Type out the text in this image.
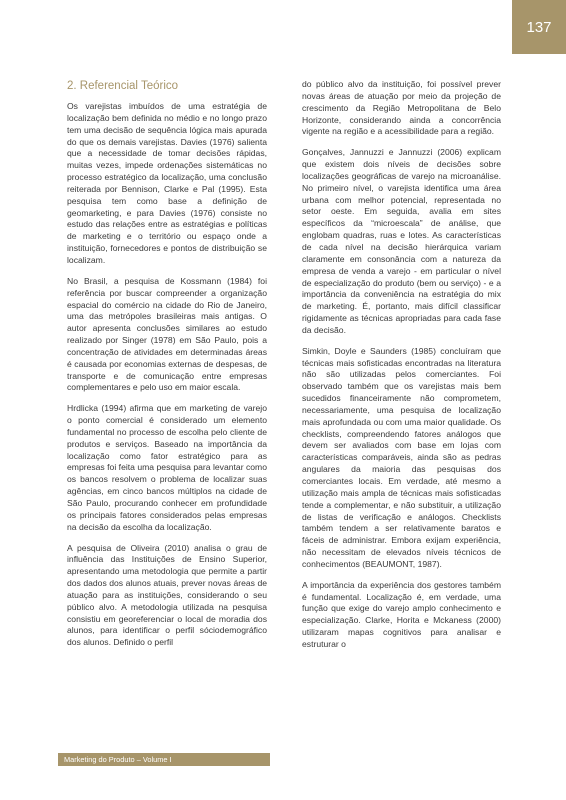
137
2. Referencial Teórico

Os varejistas imbuídos de uma estratégia de localização bem definida no médio e no longo prazo tem uma decisão de sequência lógica mais apurada do que os demais varejistas. Davies (1976) salienta que a necessidade de tomar decisões rápidas, muitas vezes, impede ordenações sistemáticas no processo estratégico da localização, uma conclusão reiterada por Bennison, Clarke e Pal (1995). Esta pesquisa tem como base a definição de geomarketing, e para Davies (1976) consiste no estudo das relações entre as estratégias e políticas de marketing e o território ou espaço onde a instituição, fornecedores e pontos de distribuição se localizam.

No Brasil, a pesquisa de Kossmann (1984) foi referência por buscar compreender a organização espacial do comércio na cidade do Rio de Janeiro, uma das metrópoles brasileiras mais antigas. O autor apresenta conclusões similares ao estudo realizado por Singer (1978) em São Paulo, pois a concentração de atividades em determinadas áreas é causada por economias externas de despesas, de transporte e de comunicação entre empresas complementares e pelo uso em maior escala.

Hrdlicka (1994) afirma que em marketing de varejo o ponto comercial é considerado um elemento fundamental no processo de escolha pelo cliente de produtos e serviços. Baseado na importância da localização como fator estratégico para as empresas foi feita uma pesquisa para levantar como os bancos resolvem o problema de localizar suas agências, em cinco bancos múltiplos na cidade de São Paulo, procurando conhecer em profundidade os principais fatores considerados pelas empresas na decisão da escolha da localização.

A pesquisa de Oliveira (2010) analisa o grau de influência das Instituições de Ensino Superior, apresentando uma metodologia que permite a partir dos dados dos alunos atuais, prever novas áreas de atuação para as instituições, considerando o seu público alvo. A metodologia utilizada na pesquisa consistiu em georeferenciar o local de moradia dos alunos, para identificar o perfil sóciodemográfico dos alunos. Definido o perfil

do público alvo da instituição, foi possível prever novas áreas de atuação por meio da projeção de crescimento da Região Metropolitana de Belo Horizonte, considerando ainda a concorrência vigente na região e a acessibilidade para a região.

Gonçalves, Jannuzzi e Jannuzzi (2006) explicam que existem dois níveis de decisões sobre localizações geográficas de varejo na microanálise. No primeiro nível, o varejista identifica uma área urbana com melhor potencial, representada no setor oeste. Em seguida, avalia em sites específicos da “microescala” de análise, que englobam quadras, ruas e lotes. As características de cada nível na decisão hierárquica variam claramente em consonância com a natureza da empresa de venda a varejo - em particular o nível de especialização do produto (bem ou serviço) - e a importância da conveniência na estratégia do mix de marketing. É, portanto, mais difícil classificar rigidamente as técnicas apropriadas para cada fase da decisão.

Simkin, Doyle e Saunders (1985) concluíram que técnicas mais sofisticadas encontradas na literatura não são utilizadas pelos comerciantes. Foi observado também que os varejistas mais bem sucedidos financeiramente não comprometem, necessariamente, uma pesquisa de localização mais aprofundada ou com uma maior qualidade. Os checklists, compreendendo fatores análogos que devem ser avaliados com base em lojas com características comparáveis, ainda são as pedras angulares da maioria das pesquisas dos comerciantes locais. Em verdade, até mesmo a utilização mais ampla de técnicas mais sofisticadas tende a complementar, e não substituir, a utilização de listas de verificação e análogos. Checklists também tendem a ser relativamente baratos e fáceis de administrar. Embora exijam experiência, não necessitam de elevados níveis técnicos de conhecimentos (BEAUMONT, 1987).

A importância da experiência dos gestores também é fundamental. Localização é, em verdade, uma função que exige do varejo amplo conhecimento e especialização. Clarke, Horita e Mckaness (2000) utilizaram mapas cognitivos para analisar e estruturar o

Marketing do Produto – Volume I
